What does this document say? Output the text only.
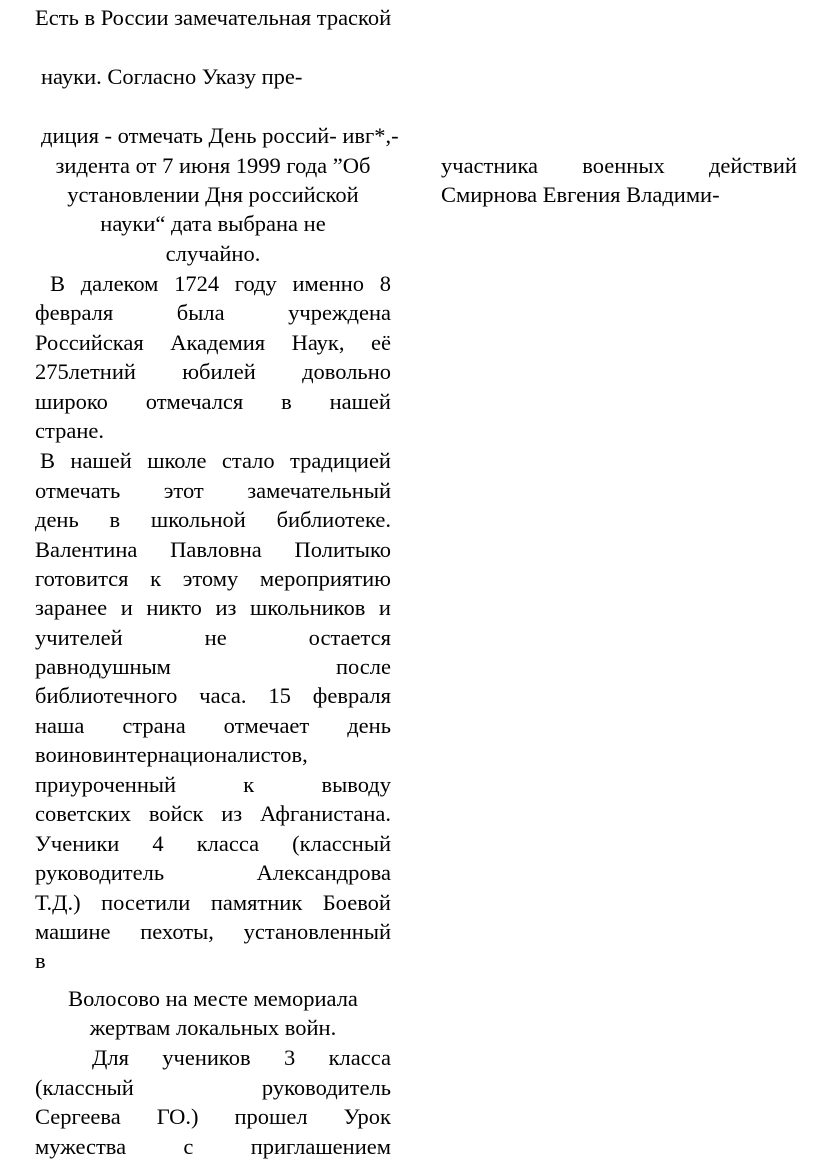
Есть в России замечательная траской
науки. Согласно Указу пре-
диция - отмечать День россий- ивг*,-
зидента от 7 июня 1999 года ”Об
установлении Дня российской
науки“ дата выбрана не
случайно.
В далеком 1724 году именно 8
февраля	была	учреждена
Российская Академия Наук, её
275летний юбилей довольно
широко отмечался в нашей
стране.
В нашей школе стало традицией
отмечать этот замечательный
день в школьной библиотеке.
Валентина Павловна Политыко
готовится к этому мероприятию
заранее и никто из школьников и
учителей	не	остается
равнодушным	после
библиотечного часа. 15 февраля
наша страна отмечает день
воиновинтернационалистов,
приуроченный	к	выводу
советских войск из Афганистана.
Ученики 4 класса (классный
руководитель	Александрова
Т.Д.) посетили памятник Боевой
машине пехоты, установленный
в
Волосово на месте мемориала
жертвам локальных войн.
Для учеников 3 класса
(классный	руководитель
Сергеева ГО.) прошел Урок
мужества	с	приглашением
участника военных действий
Смирнова Евгения Владими-
